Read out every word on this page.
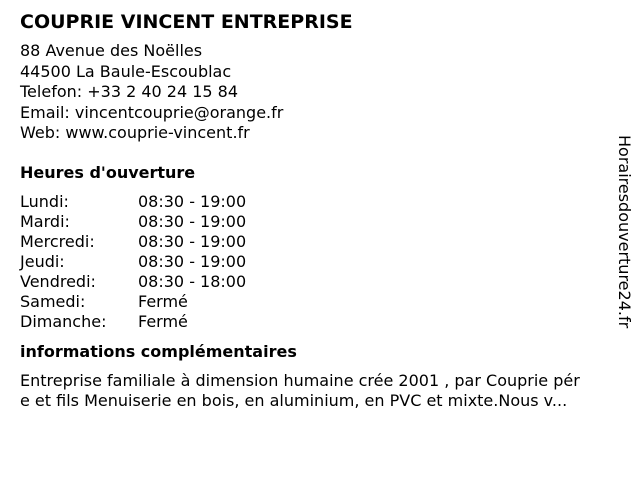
COUPRIE VINCENT ENTREPRISE
88 Avenue des Noëlles
44500 La Baule-Escoublac
Telefon: +33 2 40 24 15 84
Email: vincentcouprie@orange.fr
Web: www.couprie-vincent.fr
Heures d'ouverture
Lundi:	08:30 - 19:00
Mardi:	08:30 - 19:00
Mercredi:	08:30 - 19:00
Jeudi:	08:30 - 19:00
Vendredi:	08:30 - 18:00
Samedi:	Fermé
Dimanche: Fermé
informations complémentaires
Entreprise familiale à dimension humaine crée 2001 , par Couprie pér
e et fils Menuiserie en bois, en aluminium, en PVC et mixte.Nous v...
Horairesdouverture24.fr
